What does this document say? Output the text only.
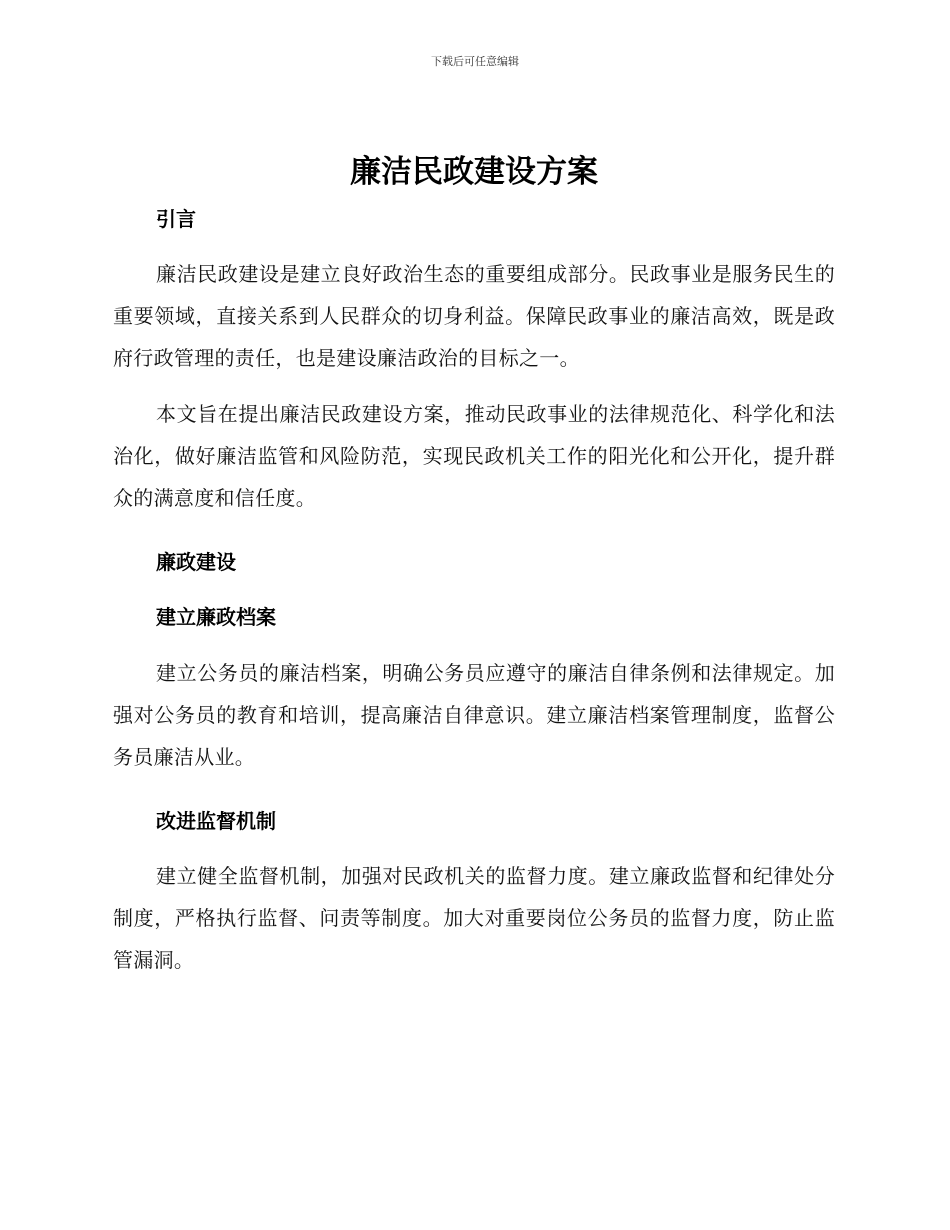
下载后可任意编辑
廉洁民政建设方案
引言

廉洁民政建设是建立良好政治生态的重要组成部分。民政事业是服务民生的重要领域，直接关系到人民群众的切身利益。保障民政事业的廉洁高效，既是政府行政管理的责任，也是建设廉洁政治的目标之一。

本文旨在提出廉洁民政建设方案，推动民政事业的法律规范化、科学化和法治化，做好廉洁监管和风险防范，实现民政机关工作的阳光化和公开化，提升群众的满意度和信任度。

廉政建设
建立廉政档案

建立公务员的廉洁档案，明确公务员应遵守的廉洁自律条例和法律规定。加强对公务员的教育和培训，提高廉洁自律意识。建立廉洁档案管理制度，监督公务员廉洁从业。

改进监督机制

建立健全监督机制，加强对民政机关的监督力度。建立廉政监督和纪律处分制度，严格执行监督、问责等制度。加大对重要岗位公务员的监督力度，防止监管漏洞。
